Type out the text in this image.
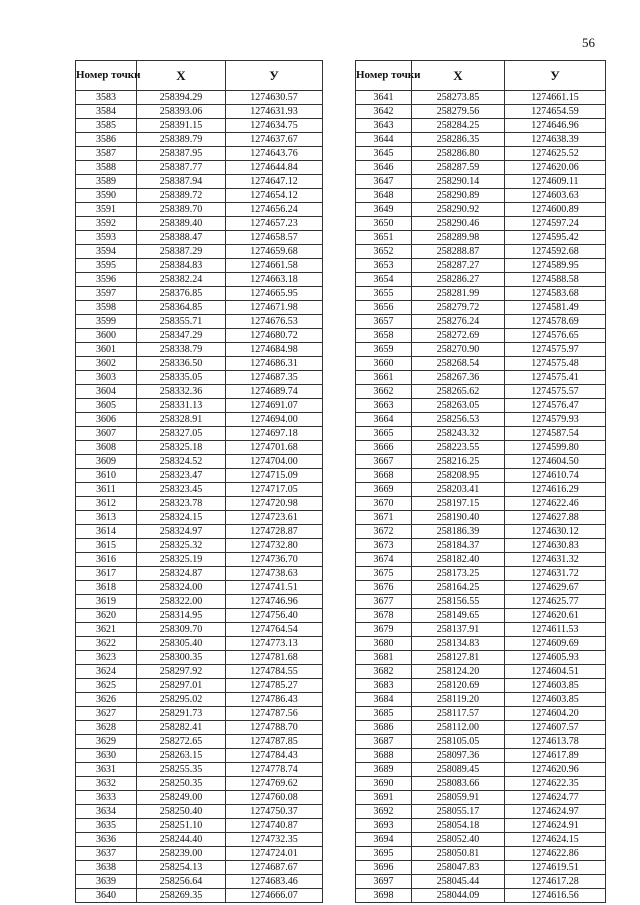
56
Номер точки	X	У
3583	258394.29	1274630.57
3584	258393.06	1274631.93
3585	258391.15	1274634.75
3586	258389.79	1274637.67
3587	258387.95	1274643.76
3588	258387.77	1274644.84
3589	258387.94	1274647.12
3590	258389.72	1274654.12
3591	258389.70	1274656.24
3592	258389.40	1274657.23
3593	258388.47	1274658.57
3594	258387.29	1274659.68
3595	258384.83	1274661.58
3596	258382.24	1274663.18
3597	258376.85	1274665.95
3598	258364.85	1274671.98
3599	258355.71	1274676.53
3600	258347.29	1274680.72
3601	258338.79	1274684.98
3602	258336.50	1274686.31
3603	258335.05	1274687.35
3604	258332.36	1274689.74
3605	258331.13	1274691.07
3606	258328.91	1274694.00
3607	258327.05	1274697.18
3608	258325.18	1274701.68
3609	258324.52	1274704.00
3610	258323.47	1274715.09
3611	258323.45	1274717.05
3612	258323.78	1274720.98
3613	258324.15	1274723.61
3614	258324.97	1274728.87
3615	258325.32	1274732.80
3616	258325.19	1274736.70
3617	258324.87	1274738.63
3618	258324.00	1274741.51
3619	258322.00	1274746.96
3620	258314.95	1274756.40
3621	258309.70	1274764.54
3622	258305.40	1274773.13
3623	258300.35	1274781.68
3624	258297.92	1274784.55
3625	258297.01	1274785.27
3626	258295.02	1274786.43
3627	258291.73	1274787.56
3628	258282.41	1274788.70
3629	258272.65	1274787.85
3630	258263.15	1274784.43
3631	258255.35	1274778.74
3632	258250.35	1274769.62
3633	258249.00	1274760.08
3634	258250.40	1274750.37
3635	258251.10	1274740.87
3636	258244.40	1274732.35
3637	258239.00	1274724.01
3638	258254.13	1274687.67
3639	258256.64	1274683.46
3640	258269.35	1274666.07
Номер точки	X	У
3641	258273.85	1274661.15
3642	258279.56	1274654.59
3643	258284.25	1274646.96
3644	258286.35	1274638.39
3645	258286.80	1274625.52
3646	258287.59	1274620.06
3647	258290.14	1274609.11
3648	258290.89	1274603.63
3649	258290.92	1274600.89
3650	258290.46	1274597.24
3651	258289.98	1274595.42
3652	258288.87	1274592.68
3653	258287.27	1274589.95
3654	258286.27	1274588.58
3655	258281.99	1274583.68
3656	258279.72	1274581.49
3657	258276.24	1274578.69
3658	258272.69	1274576.65
3659	258270.90	1274575.97
3660	258268.54	1274575.48
3661	258267.36	1274575.41
3662	258265.62	1274575.57
3663	258263.05	1274576.47
3664	258256.53	1274579.93
3665	258243.32	1274587.54
3666	258223.55	1274599.80
3667	258216.25	1274604.50
3668	258208.95	1274610.74
3669	258203.41	1274616.29
3670	258197.15	1274622.46
3671	258190.40	1274627.88
3672	258186.39	1274630.12
3673	258184.37	1274630.83
3674	258182.40	1274631.32
3675	258173.25	1274631.72
3676	258164.25	1274629.67
3677	258156.55	1274625.77
3678	258149.65	1274620.61
3679	258137.91	1274611.53
3680	258134.83	1274609.69
3681	258127.81	1274605.93
3682	258124.20	1274604.51
3683	258120.69	1274603.85
3684	258119.20	1274603.85
3685	258117.57	1274604.20
3686	258112.00	1274607.57
3687	258105.05	1274613.78
3688	258097.36	1274617.89
3689	258089.45	1274620.96
3690	258083.66	1274622.35
3691	258059.91	1274624.77
3692	258055.17	1274624.97
3693	258054.18	1274624.91
3694	258052.40	1274624.15
3695	258050.81	1274622.86
3696	258047.83	1274619.51
3697	258045.44	1274617.28
3698	258044.09	1274616.56
